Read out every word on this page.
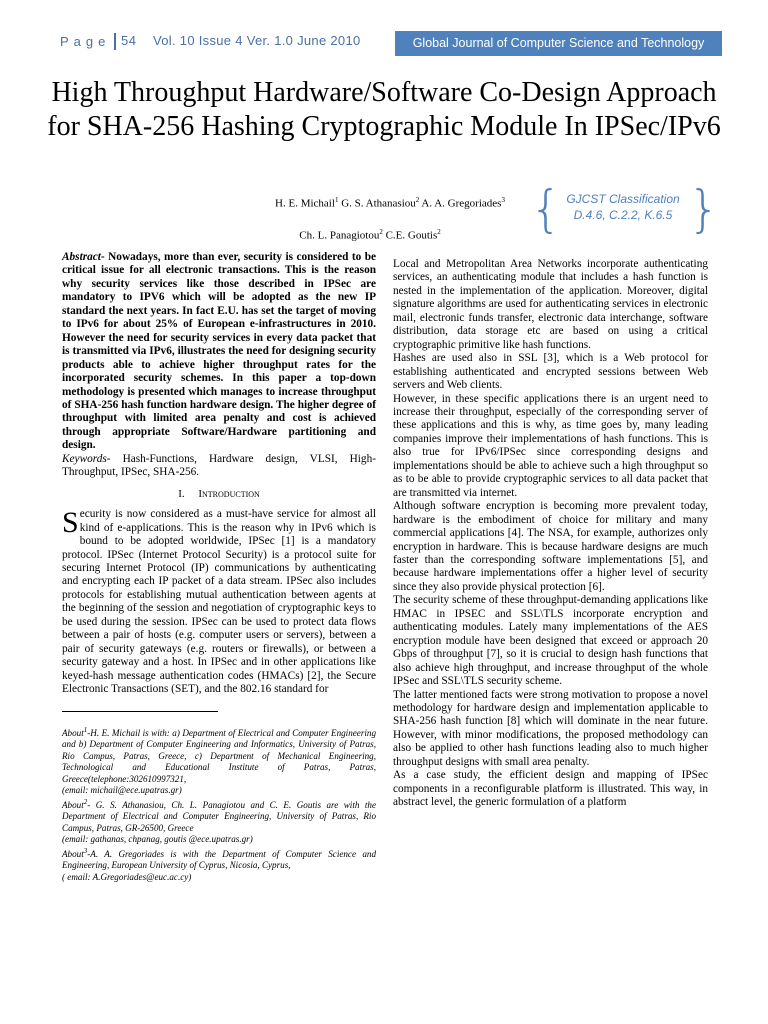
Page 54 Vol. 10 Issue 4 Ver. 1.0 June 2010	Global Journal of Computer Science and Technology
High Throughput Hardware/Software Co-Design Approach for SHA-256 Hashing Cryptographic Module In IPSec/IPv6
H. E. Michail$^1$ G. S. Athanasiou$^2$ A. A. Gregoriades$^3$
Ch. L. Panagiotou$^2$ C.E. Goutis$^2$	{ GJCST Classification
D.4.6, C.2.2, K.6.5 }

Abstract- Nowadays, more than ever, security is considered to be critical issue for all electronic transactions. This is the reason why security services like those described in IPSec are mandatory to IPV6 which will be adopted as the new IP standard the next years. In fact E.U. has set the target of moving to IPv6 for about 25% of European e-infrastructures in 2010. However the need for security services in every data packet that is transmitted via IPv6, illustrates the need for designing security products able to achieve higher throughput rates for the incorporated security schemes. In this paper a top-down methodology is presented which manages to increase throughput of SHA-256 hash function hardware design. The higher degree of throughput with limited area penalty and cost is achieved through appropriate Software/Hardware partitioning and design.

Keywords- Hash-Functions, Hardware design, VLSI, High-Throughput, IPSec, SHA-256.

I. Introduction

Security is now considered as a must-have service for almost all kind of e-applications. This is the reason why in IPv6 which is bound to be adopted worldwide, IPSec [1] is a mandatory protocol. IPSec (Internet Protocol Security) is a protocol suite for securing Internet Protocol (IP) communications by authenticating and encrypting each IP packet of a data stream. IPSec also includes protocols for establishing mutual authentication between agents at the beginning of the session and negotiation of cryptographic keys to be used during the session. IPSec can be used to protect data flows between a pair of hosts (e.g. computer users or servers), between a pair of security gateways (e.g. routers or firewalls), or between a security gateway and a host. In IPSec and in other applications like keyed-hash message authentication codes (HMACs) [2], the Secure Electronic Transactions (SET), and the 802.16 standard for

About$^1$-H. E. Michail is with: a) Department of Electrical and Computer Engineering and b) Department of Computer Engineering and Informatics, University of Patras, Rio Campus, Patras, Greece, c) Department of Mechanical Engineering, Technological and Educational Institute of Patras, Patras, Greece(telephone:302610997321,

(email: michail@ece.upatras.gr)

About$^2$- G. S. Athanasiou, Ch. L. Panagiotou and C. E. Goutis are with the Department of Electrical and Computer Engineering, University of Patras, Rio Campus, Patras, GR-26500, Greece

(email: gathanas, chpanag, goutis @ece.upatras.gr)

About$^3$-A. A. Gregoriades is with the Department of Computer Science and Engineering, European University of Cyprus, Nicosia, Cyprus,

( email: A.Gregoriades@euc.ac.cy)

Local and Metropolitan Area Networks incorporate authenticating services, an authenticating module that includes a hash function is nested in the implementation of the application. Moreover, digital signature algorithms are used for authenticating services in electronic mail, electronic funds transfer, electronic data interchange, software distribution, data storage etc are based on using a critical cryptographic primitive like hash functions.

Hashes are used also in SSL [3], which is a Web protocol for establishing authenticated and encrypted sessions between Web servers and Web clients.

However, in these specific applications there is an urgent need to increase their throughput, especially of the corresponding server of these applications and this is why, as time goes by, many leading companies improve their implementations of hash functions. This is also true for IPv6/IPSec since corresponding designs and implementations should be able to achieve such a high throughput so as to be able to provide cryptographic services to all data packet that are transmitted via internet.

Although software encryption is becoming more prevalent today, hardware is the embodiment of choice for military and many commercial applications [4]. The NSA, for example, authorizes only encryption in hardware. This is because hardware designs are much faster than the corresponding software implementations [5], and because hardware implementations offer a higher level of security since they also provide physical protection [6].

The security scheme of these throughput-demanding applications like HMAC in IPSEC and SSL\TLS incorporate encryption and authenticating modules. Lately many implementations of the AES encryption module have been designed that exceed or approach 20 Gbps of throughput [7], so it is crucial to design hash functions that also achieve high throughput, and increase throughput of the whole IPSec and SSL\TLS security scheme.

The latter mentioned facts were strong motivation to propose a novel methodology for hardware design and implementation applicable to SHA-256 hash function [8] which will dominate in the near future. However, with minor modifications, the proposed methodology can also be applied to other hash functions leading also to much higher throughput designs with small area penalty.

As a case study, the efficient design and mapping of IPSec components in a reconfigurable platform is illustrated. This way, in abstract level, the generic formulation of a platform
